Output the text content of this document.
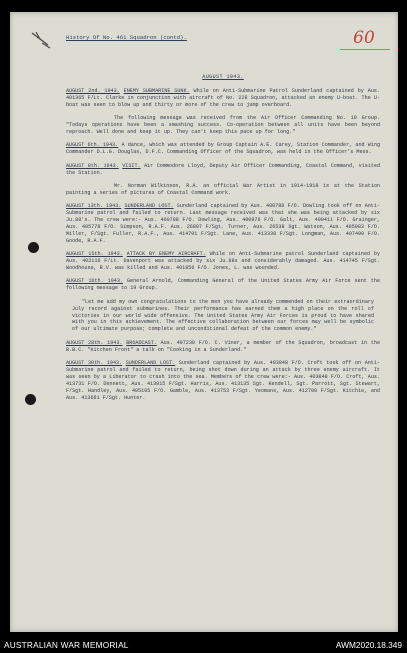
60
History Of No. 461 Squadron (contd).
AUGUST 1943.
AUGUST 2nd. 1943. ENEMY SUBMARINE SUNK. While on Anti-Submarine Patrol Sunderland captained by Aus. 401365 F/Lt. Clarke in conjunction with aircraft of No. 228 Squadron, attacked an enemy U-boat. The U-boat was seen to blow up and thirty or more of the crew to jump overboard.
The following message was received from the Air Officer Commanding No. 19 Group. "Todays operations have been a smashing success. Co-operation between all units have been beyond reproach. Well done and keep it up. They can't keep this pace up for long."
AUGUST 6th. 1943. A dance, which was attended by Group Captain A.E. Carey, Station Commander, and Wing Commander D.L.G. Douglas, D.F.C. Commanding Officer of the Squadron, was held in the Officer's Mess.
AUGUST 8th. 1943. VISIT. Air Commodore Lloyd, Deputy Air Officer Commanding, Coastal Command, visited the Station.
Mr. Norman Wilkinson, R.A. an official War Artist in 1914-1918 is at the Station painting a series of pictures of Coastal Command work.
AUGUST 13th. 1943. SUNDERLAND LOST. Sunderland captained by Aus. 400788 F/O. Dowling took off on Anti-Submarine patrol and failed to return. Last message received was that she was being attacked by six Ju.88's. The crew were:- Aus. 400788 F/O. Dowling, Aus. 400976 F/O. Galt, Aus. 400411 F/O. Grainger, Aus. 405778 F/O. Simpson, R.A.F. Aus. 26897 F/Sgt. Turner, Aus. 26538 Sgt. Watson, Aus. 405083 F/O. Miller, F/Sgt. Fuller, R.A.F., Aus. 414701 F/Sgt. Lane, Aus. 413338 F/Sgt. Longman, Aus. 407499 F/O. Goode, R.A.F.
AUGUST 15th. 1943. ATTACK BY ENEMY AIRCRAFT. While on Anti-Submarine patrol Sunderland captained by Aus. 402116 F/Lt. Davenport was attacked by six Ju.88s and considerably damaged. Aus. 414745 F/Sgt. Woodhouse, R.V. was killed and Aus. 401856 F/O. Jones, L. was wounded.
AUGUST 16th. 1943. General Arnold, Commanding General of the United States Army Air Force sent the following message to 19 Group.
"Let me add my own congratulations to the men you have already commended on their extraordinary July record against submarines. Their performance has earned them a high place on the roll of victories in our world wide offensive. The United States Army Air Forces is proud to have shared with you in this achievement. The effective collaboration between our forces may well be symbolic of our ultimate purpose; complete and unconditional defeat of the common enemy."
AUGUST 28th. 1943. BROADCAST. Aus. 407230 F/O. C. Viner, a member of the Squadron, broadcast in the B.B.C. "Kitchen Front" a talk on "Cooking in a Sunderland."
AUGUST 30th. 1943. SUNDERLAND LOST. Sunderland captained by Aus. 403848 F/O. Croft took off on Anti-Submarine patrol and failed to return, being shot down during an attack by three enemy aircraft. It was seen by a Liberator to crash into the sea. Members of the crew were:- Aus. 403848 F/O. Croft, Aus. 413731 F/O. Dennett, Aus. 413915 F/Sgt. Harris, Aus. 413135 Sgt. Kendell, Sgt. Parrott, Sgt. Stewart, F/Sgt. Handley, Aus. 405105 F/O. Gamble, Aus. 413753 F/Sgt. Yeomans, Aus. 412700 F/Sgt. Kitchie, and Aus. 413661 F/Sgt. Hunter.
AUSTRALIAN WAR MEMORIAL	AWM2020.18.349
